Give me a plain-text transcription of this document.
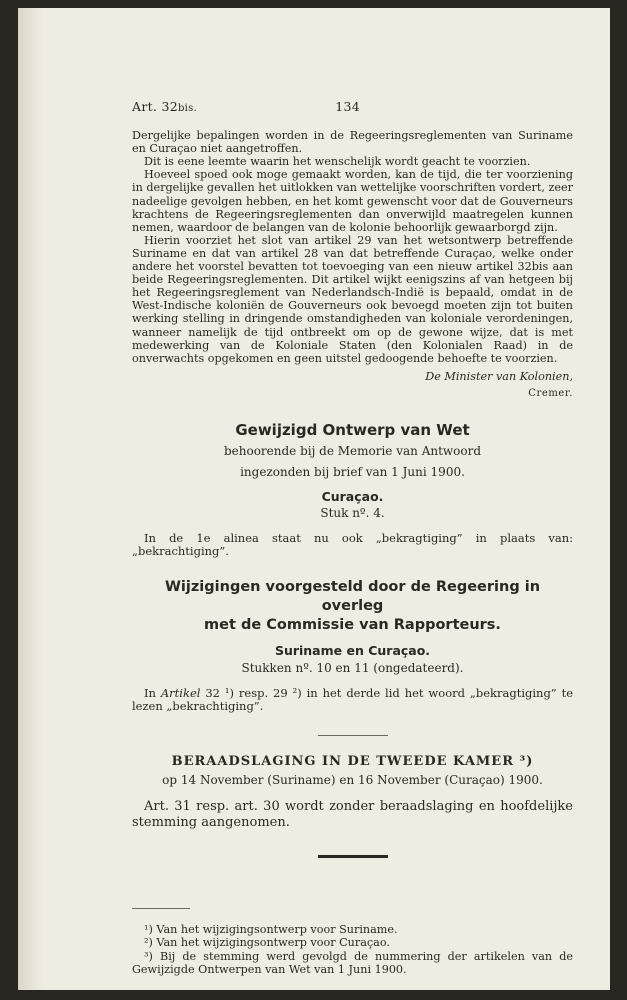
Art. 32bis.	134

Dergelijke bepalingen worden in de Regeeringsreglementen van Suriname en Curaçao niet aangetroffen.

Dit is eene leemte waarin het wenschelijk wordt geacht te voorzien.

Hoeveel spoed ook moge gemaakt worden, kan de tijd, die ter voorziening in dergelijke gevallen het uitlokken van wettelijke voorschriften vordert, zeer nadeelige gevolgen hebben, en het komt gewenscht voor dat de Gouverneurs krachtens de Regeeringsreglementen dan onverwijld maatregelen kunnen nemen, waardoor de belangen van de kolonie behoorlijk gewaarborgd zijn.

Hierin voorziet het slot van artikel 29 van het wetsontwerp betreffende Suriname en dat van artikel 28 van dat betreffende Curaçao, welke onder andere het voorstel bevatten tot toevoeging van een nieuw artikel 32bis aan beide Regeeringsreglementen. Dit artikel wijkt eenigszins af van hetgeen bij het Regeeringsreglement van Nederlandsch-Indië is bepaald, omdat in de West-Indische koloniën de Gouverneurs ook bevoegd moeten zijn tot buiten werking stelling in dringende omstandigheden van koloniale verordeningen, wanneer namelijk de tijd ontbreekt om op de gewone wijze, dat is met medewerking van de Koloniale Staten (den Kolonialen Raad) in de onverwachts opgekomen en geen uitstel gedoogende behoefte te voorzien.

De Minister van Kolonien,

Cremer.

Gewijzigd Ontwerp van Wet
behoorende bij de Memorie van Antwoord
ingezonden bij brief van 1 Juni 1900.
Curaçao.
Stuk nº. 4.

In de 1e alinea staat nu ook „bekragtiging” in plaats van: „bekrachtiging”.

Wijzigingen voorgesteld door de Regeering in overleg
met de Commissie van Rapporteurs.
Suriname en Curaçao.
Stukken nº. 10 en 11 (ongedateerd).

In Artikel 32 ¹) resp. 29 ²) in het derde lid het woord „bekragtiging” te lezen „bekrachtiging”.

BERAADSLAGING IN DE TWEEDE KAMER ³)
op 14 November (Suriname) en 16 November (Curaçao) 1900.

Art. 31 resp. art. 30 wordt zonder beraadslaging en hoofdelijke stemming aangenomen.

¹) Van het wijzigingsontwerp voor Suriname.

²) Van het wijzigingsontwerp voor Curaçao.

³) Bij de stemming werd gevolgd de nummering der artikelen van de Gewijzigde Ontwerpen van Wet van 1 Juni 1900.
